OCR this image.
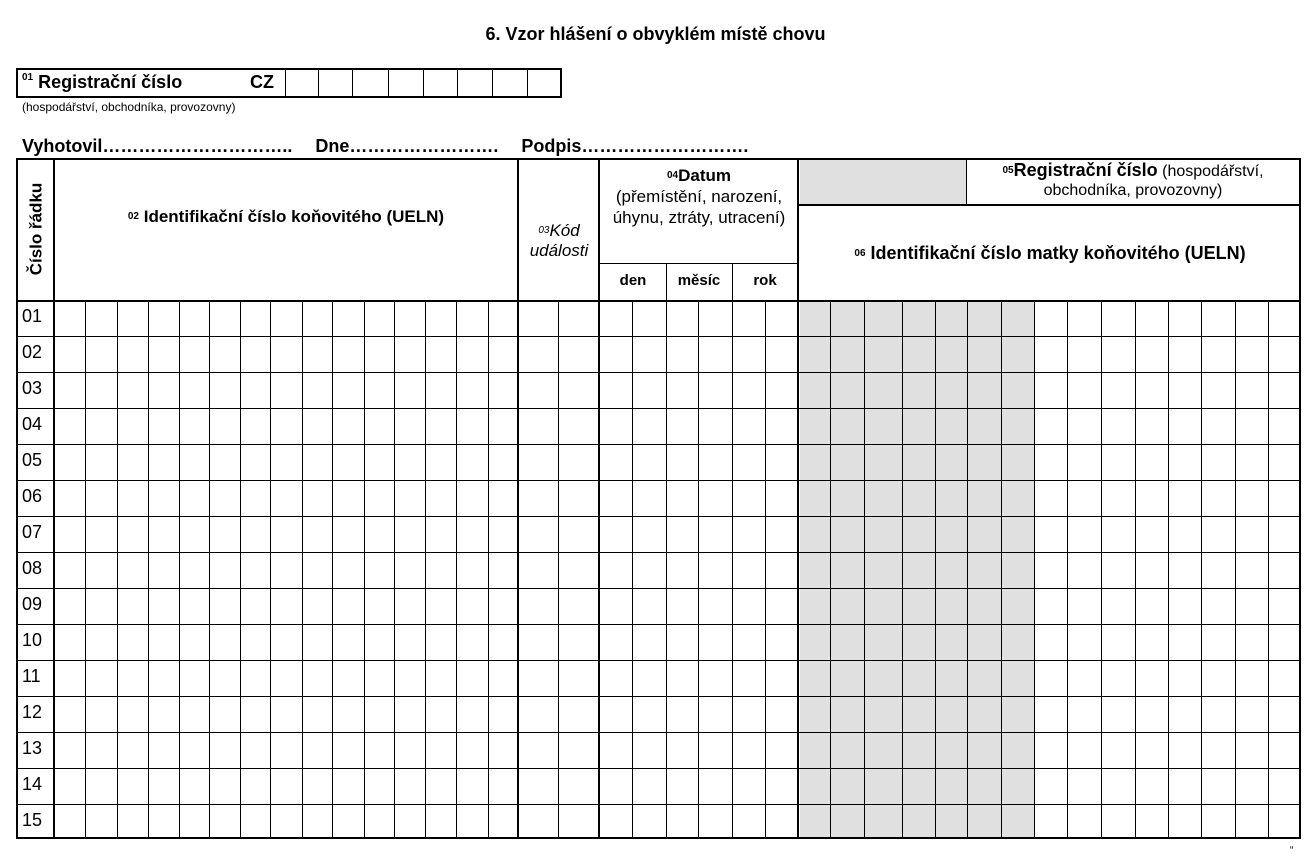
6. Vzor hlášení o obvyklém místě chovu
$^{01}$ Registrační číslo	CZ
(hospodářství, obchodníka, provozovny)
Vyhotovil………………………….. Dne……………………. Podpis……………………….
Číslo řádku	$^{02}$ Identifikační číslo koňovitého (UELN)
$^{03}$Kód
události
$^{04}$Datum
(přemístění, narození, úhynu, ztráty, utracení)
den	měsíc	rok
$^{05}$Registrační číslo (hospodářství, obchodníka, provozovny)
$^{06}$ Identifikační číslo matky koňovitého (UELN)
01
02
03
04
05
06
07
08
09
10
11
12
13
14
15
“
